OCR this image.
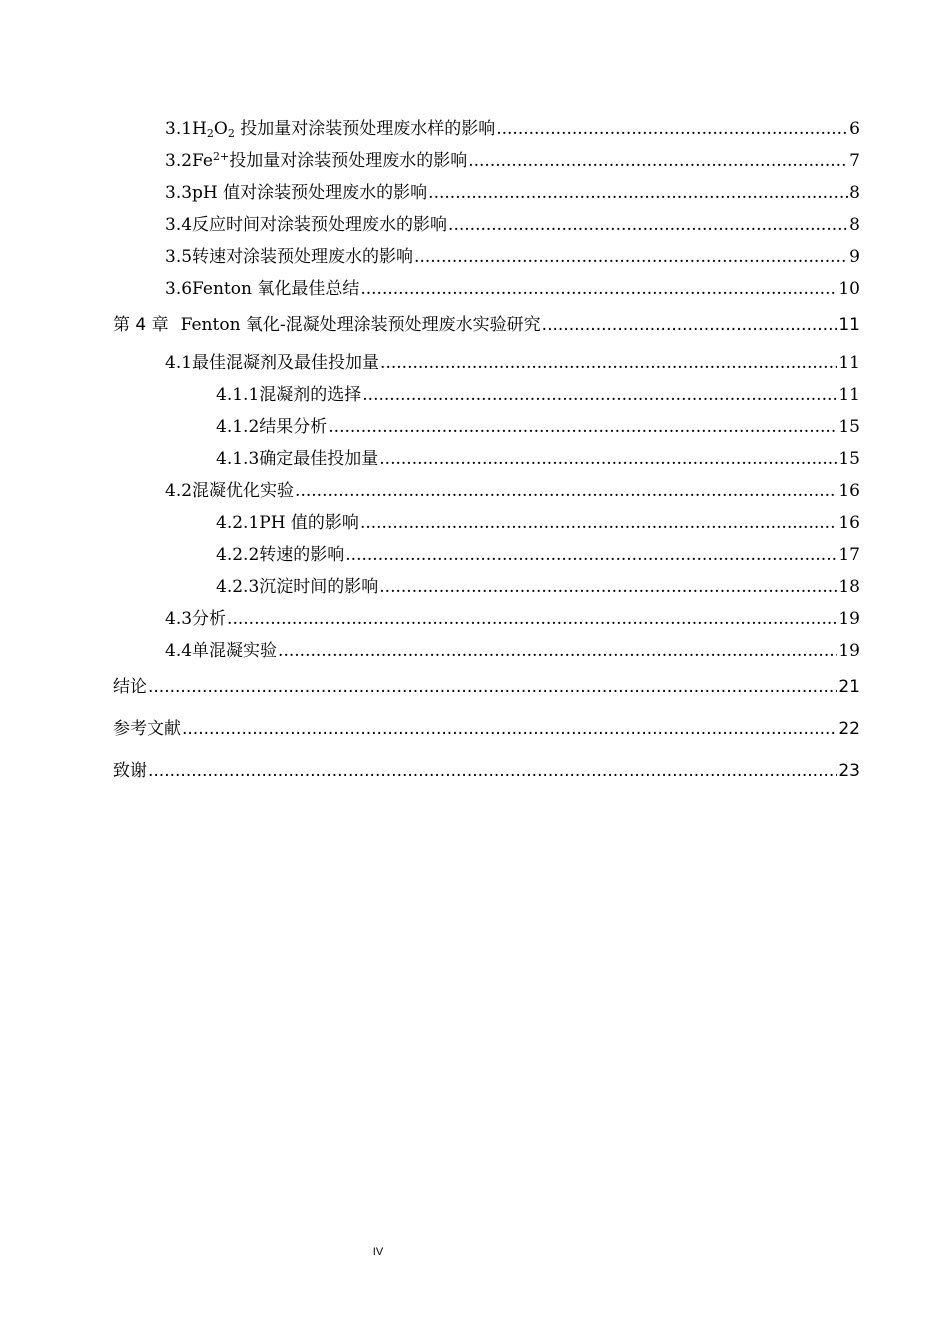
3.1 $H_2O_2$ 投加量对涂装预处理废水样的影响 .....	6
3.2 $Fe^{2+}$投加量对涂装预处理废水的影响 .....	7
3.3 pH 值对涂装预处理废水的影响 .....	8
3.4 反应时间对涂装预处理废水的影响 .....	8
3.5 转速对涂装预处理废水的影响 .....	9
3.6 Fenton 氧化最佳总结 .....	10
第 4 章 Fenton 氧化-混凝处理涂装预处理废水实验研究 .....	11
4.1 最佳混凝剂及最佳投加量 .....	11
4.1.1 混凝剂的选择 .....	11
4.1.2 结果分析 .....	15
4.1.3 确定最佳投加量 .....	15
4.2 混凝优化实验 .....	16
4.2.1 PH 值的影响 .....	16
4.2.2 转速的影响 .....	17
4.2.3 沉淀时间的影响 .....	18
4.3 分析 .....	19
4.4 单混凝实验 .....	19
结论 .....	21
参考文献 .....	22
致谢 .....	23
IV
